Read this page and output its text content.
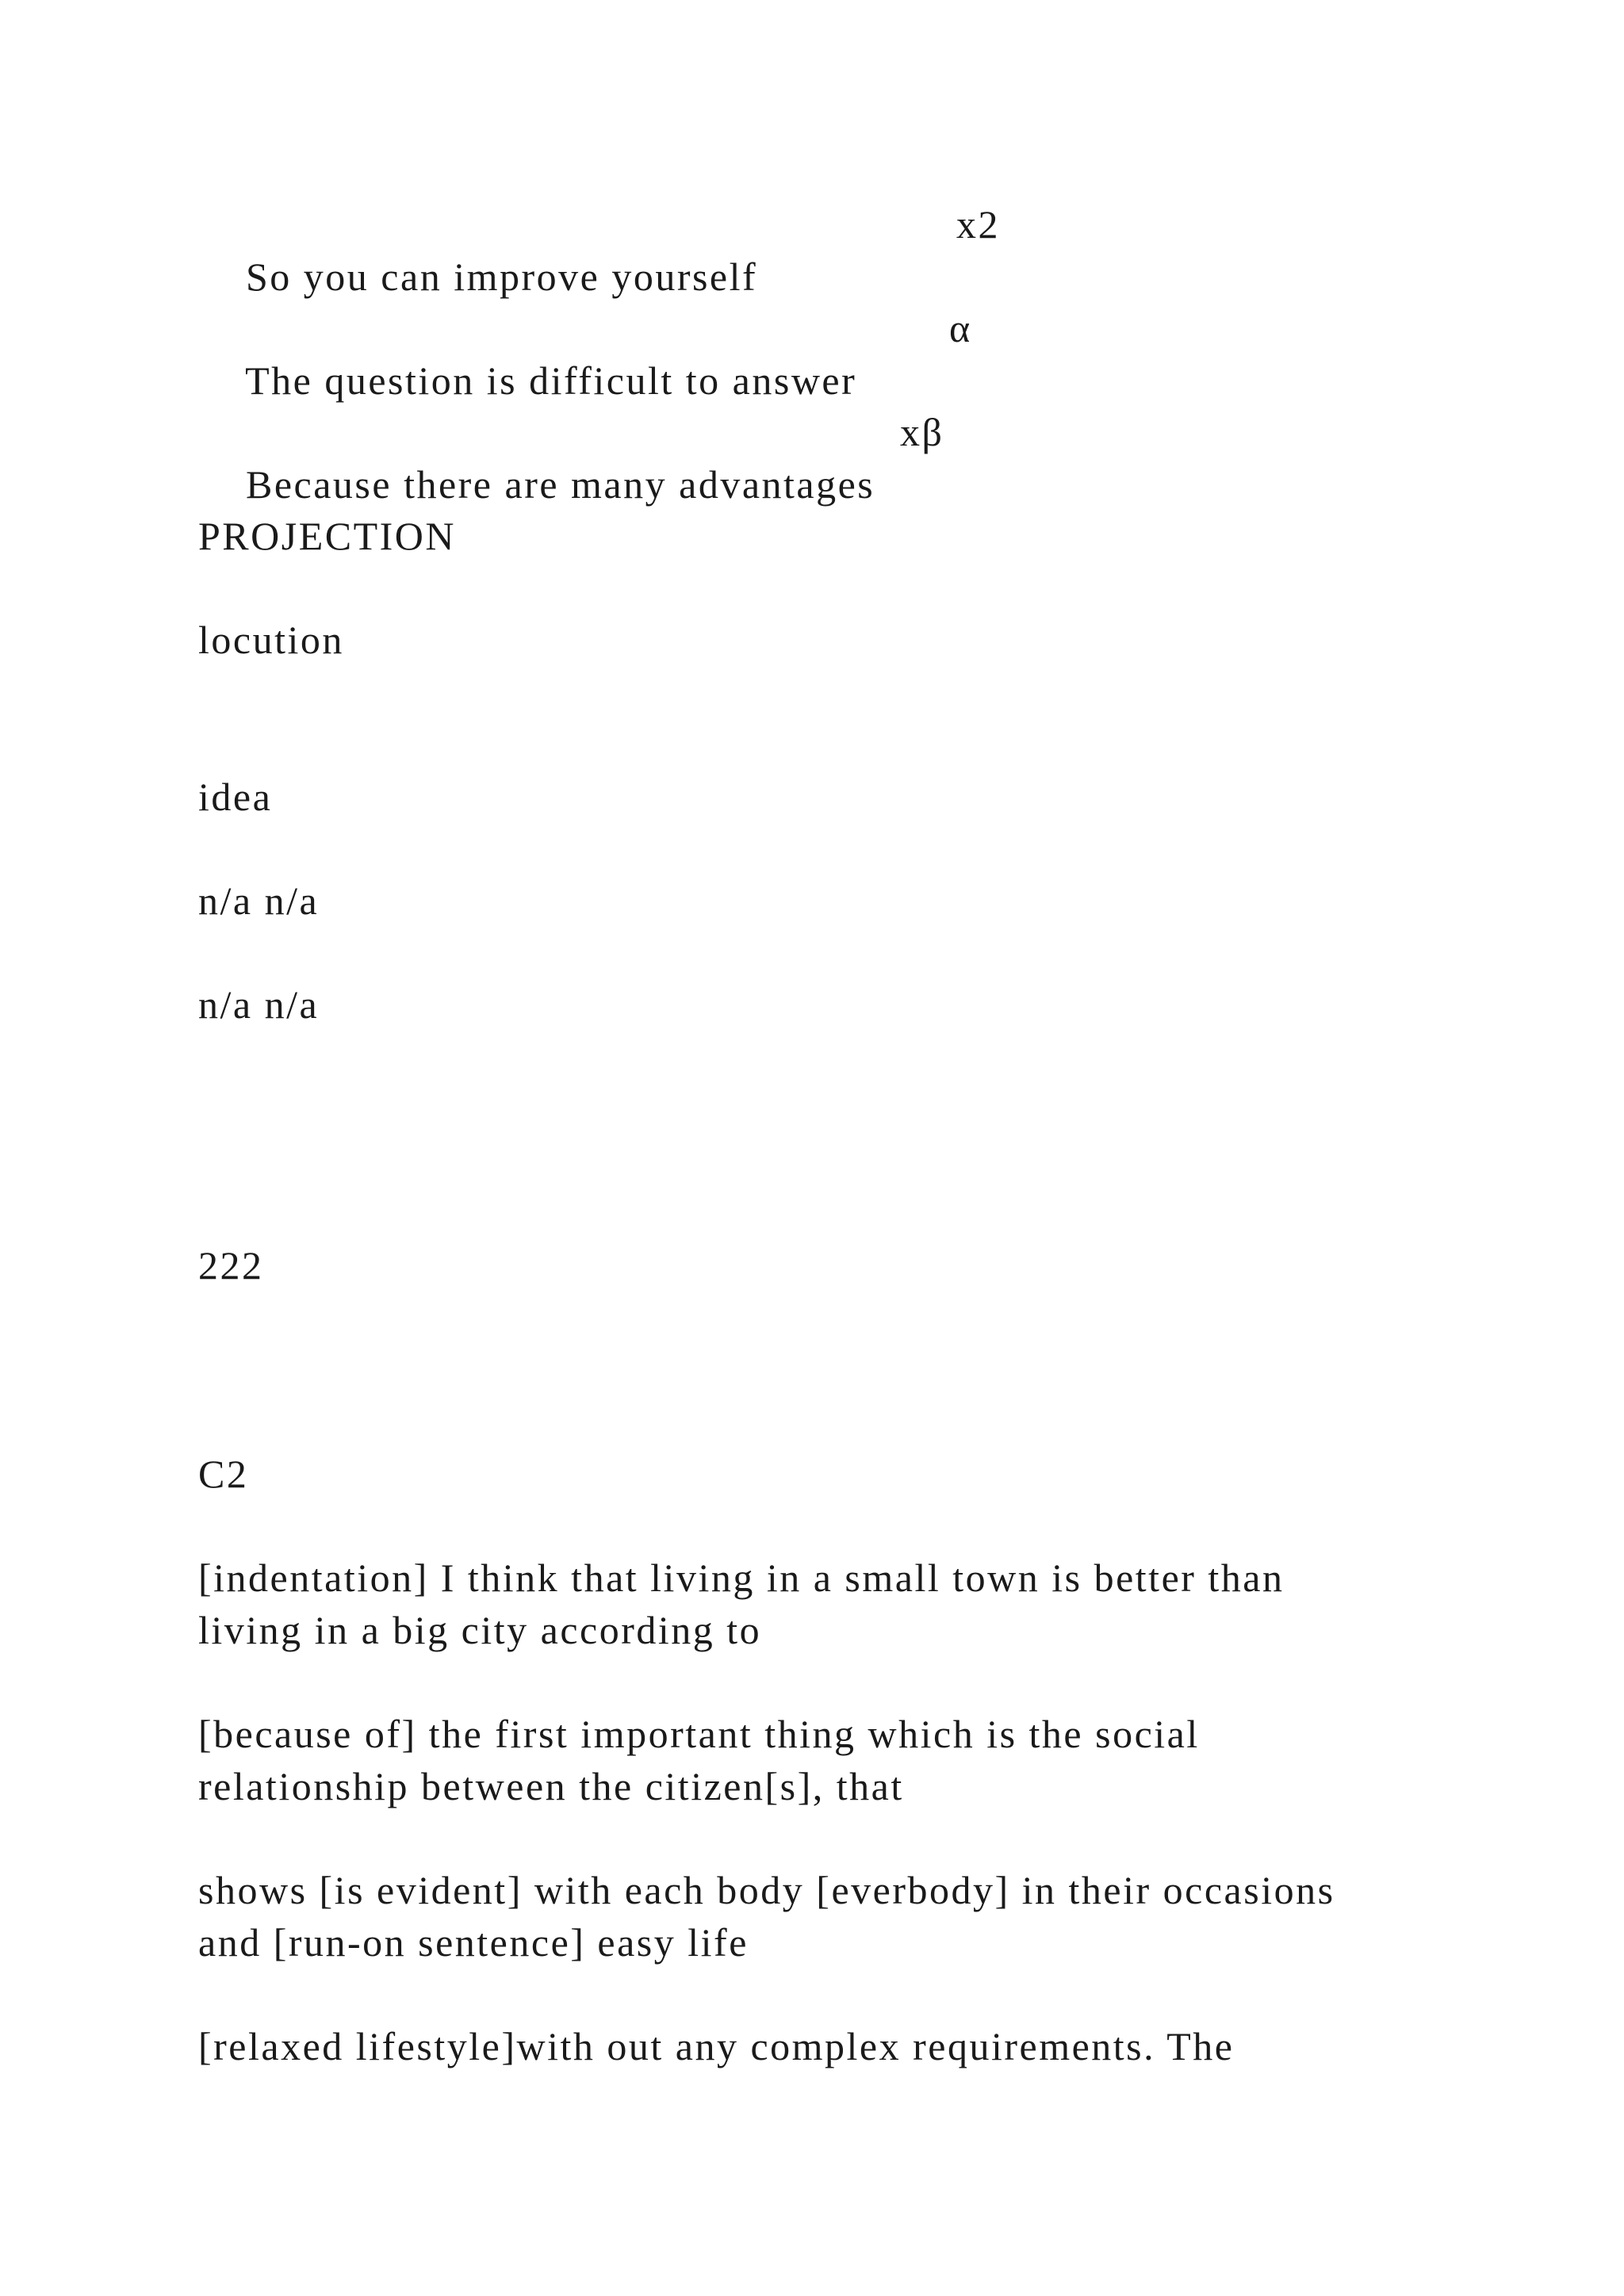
So you can improve yourself

x2

The question is difficult to answer

α

Because there are many advantages

xβ

PROJECTION
locution
idea
n/a n/a
n/a n/a
222
C2
[indentation] I think that living in a small town is better than
living in a big city according to
[because of] the first important thing which is the social
relationship between the citizen[s], that
shows [is evident] with each body [everbody] in their occasions
and [run-on sentence] easy life
[relaxed lifestyle]with out any complex requirements. The
